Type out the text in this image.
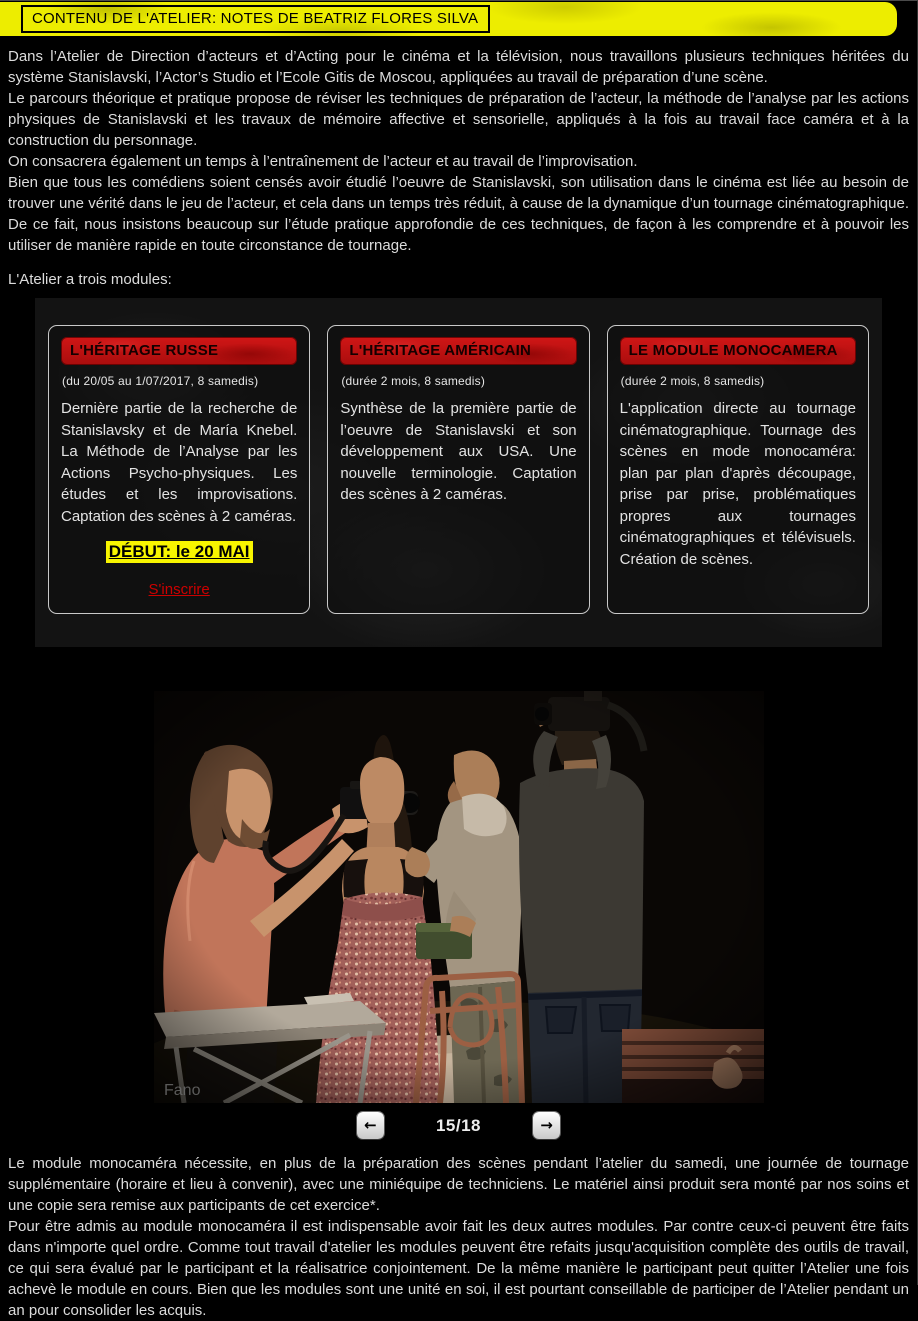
CONTENU DE L'ATELIER: NOTES DE BEATRIZ FLORES SILVA

Dans l’Atelier de Direction d’acteurs et d’Acting pour le cinéma et la télévision, nous travaillons plusieurs techniques héritées du système Stanislavski, l’Actor’s Studio et l’Ecole Gitis de Moscou, appliquées au travail de préparation d’une scène.

Le parcours théorique et pratique propose de réviser les techniques de préparation de l’acteur, la méthode de l’analyse par les actions physiques de Stanislavski et les travaux de mémoire affective et sensorielle, appliqués à la fois au travail face caméra et à la construction du personnage.

On consacrera également un temps à l’entraînement de l’acteur et au travail de l’improvisation.

Bien que tous les comédiens soient censés avoir étudié l’oeuvre de Stanislavski, son utilisation dans le cinéma est liée au besoin de trouver une vérité dans le jeu de l’acteur, et cela dans un temps très réduit, à cause de la dynamique d’un tournage cinématographique. De ce fait, nous insistons beaucoup sur l’étude pratique approfondie de ces techniques, de façon à les comprendre et à pouvoir les utiliser de manière rapide en toute circonstance de tournage.

L'Atelier a trois modules:
L'HÉRITAGE RUSSE
(du 20/05 au 1/07/2017, 8 samedis)

Dernière partie de la recherche de Stanislavsky et de María Knebel. La Méthode de l’Analyse par les Actions Psycho-physiques. Les études et les improvisations. Captation des scènes à 2 caméras.

DÉBUT: le 20 MAI
S'inscrire
L'HÉRITAGE AMÉRICAIN
(durée 2 mois, 8 samedis)

Synthèse de la première partie de l’oeuvre de Stanislavski et son développement aux USA. Une nouvelle terminologie. Captation des scènes à 2 caméras.

LE MODULE MONOCAMERA
(durée 2 mois, 8 samedis)

L'application directe au tournage cinématographique. Tournage des scènes en mode monocaméra: plan par plan d'après découpage, prise par prise, problématiques propres aux tournages cinématographiques et télévisuels. Création de scènes.

Fano
←	15/18	→

Le module monocaméra nécessite, en plus de la préparation des scènes pendant l’atelier du samedi, une journée de tournage supplémentaire (horaire et lieu à convenir), avec une miniéquipe de techniciens. Le matériel ainsi produit sera monté par nos soins et une copie sera remise aux participants de cet exercice*.

Pour être admis au module monocaméra il est indispensable avoir fait les deux autres modules. Par contre ceux-ci peuvent être faits dans n'importe quel ordre. Comme tout travail d'atelier les modules peuvent être refaits jusqu'acquisition complète des outils de travail, ce qui sera évalué par le participant et la réalisatrice conjointement. De la même manière le participant peut quitter l’Atelier une fois achevè le module en cours. Bien que les modules sont une unité en soi, il est pourtant conseillable de participer de l’Atelier pendant un an pour consolider les acquis.
